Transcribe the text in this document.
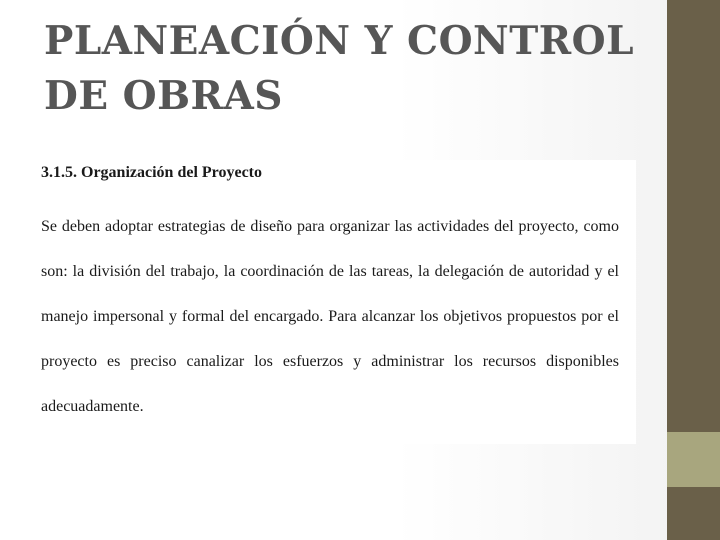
PLANEACIÓN Y CONTROL DE OBRAS

3.1.5. Organización del Proyecto

Se deben adoptar estrategias de diseño para organizar las actividades del proyecto, como son: la división del trabajo, la coordinación de las tareas, la delegación de autoridad y el manejo impersonal y formal del encargado. Para alcanzar los objetivos propuestos por el proyecto es preciso canalizar los esfuerzos y administrar los recursos disponibles adecuadamente.
